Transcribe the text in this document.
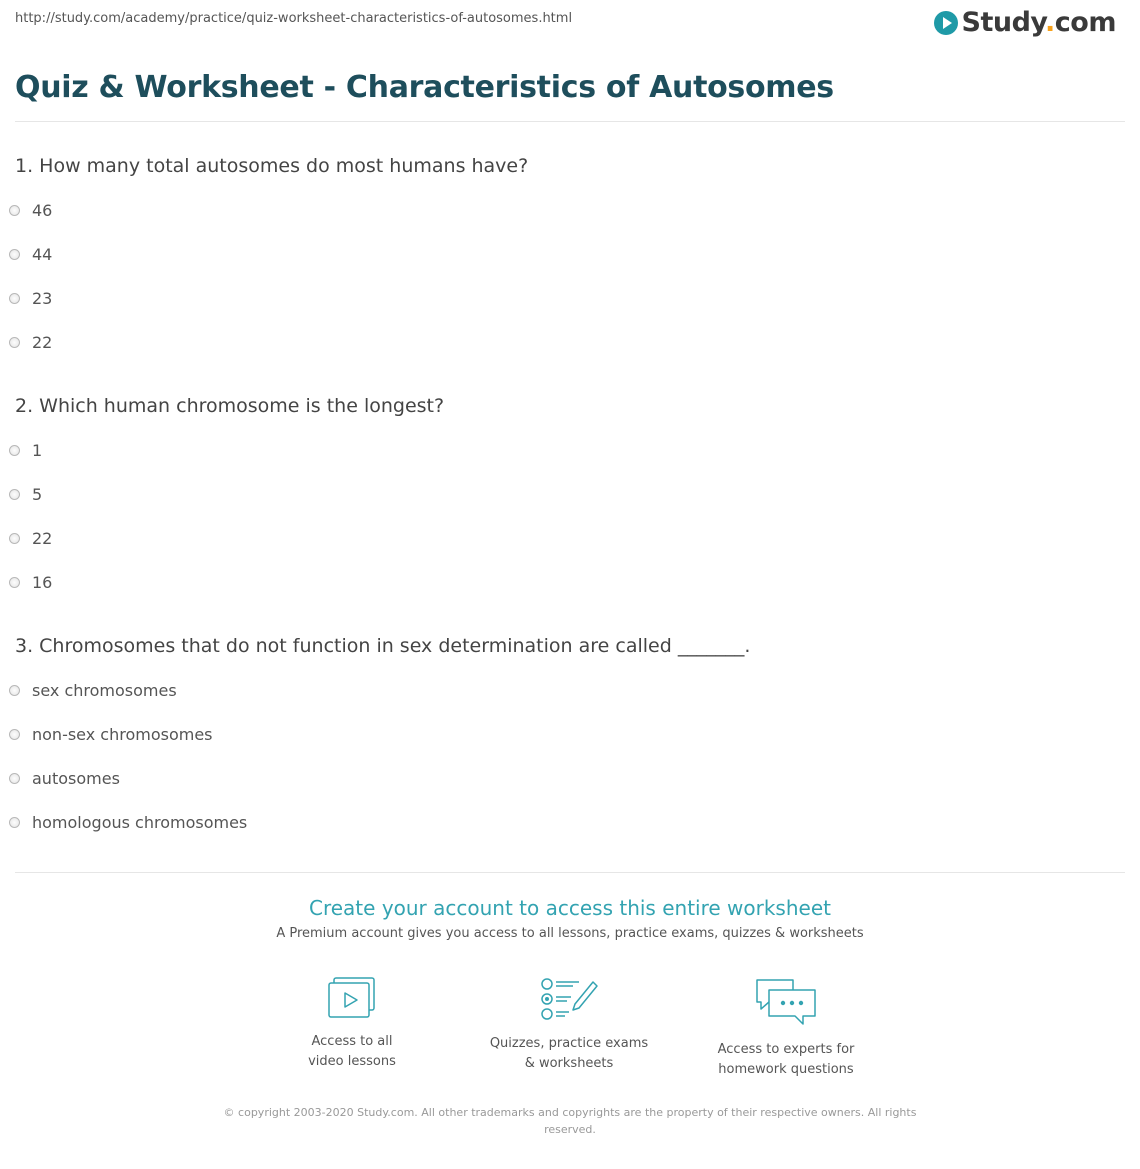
http://study.com/academy/practice/quiz-worksheet-characteristics-of-autosomes.html	Study.com
Quiz & Worksheet - Characteristics of Autosomes
1. How many total autosomes do most humans have?
46
44
23
22
2. Which human chromosome is the longest?
1
5
22
16
3. Chromosomes that do not function in sex determination are called _______.
sex chromosomes
non-sex chromosomes
autosomes
homologous chromosomes
Create your account to access this entire worksheet
A Premium account gives you access to all lessons, practice exams, quizzes & worksheets
Access to all
video lessons
Quizzes, practice exams
& worksheets
Access to experts for
homework questions
© copyright 2003-2020 Study.com. All other trademarks and copyrights are the property of their respective owners. All rights reserved.
